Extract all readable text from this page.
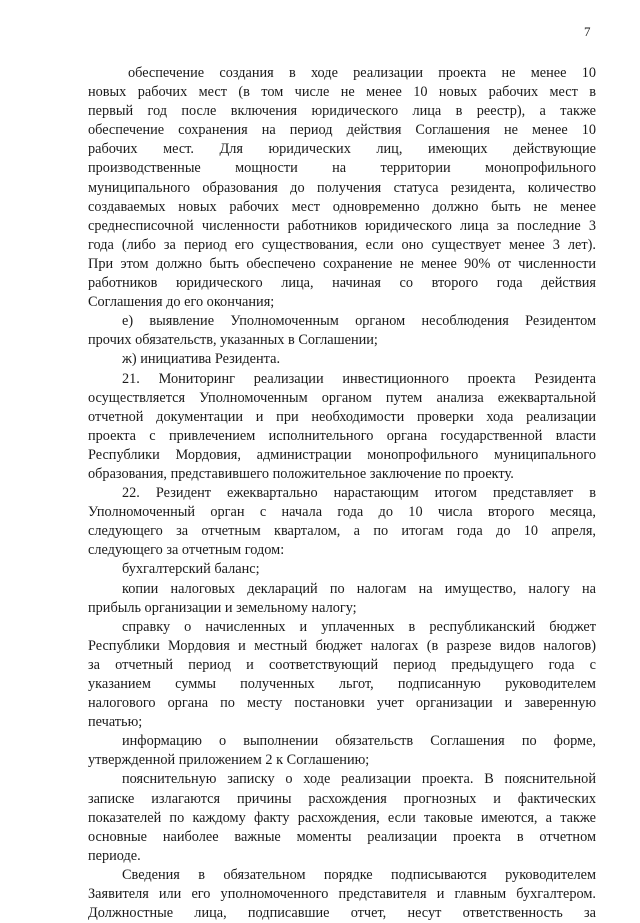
7
обеспечение создания в ходе реализации проекта не менее 10
новых рабочих мест (в том числе не менее 10 новых рабочих мест в
первый год после включения юридического лица в реестр), а также
обеспечение сохранения на период действия Соглашения не менее 10
рабочих мест. Для юридических лиц, имеющих действующие
производственные мощности на территории монопрофильного
муниципального образования до получения статуса резидента, количество
создаваемых новых рабочих мест одновременно должно быть не менее
среднесписочной численности работников юридического лица за последние 3
года (либо за период его существования, если оно существует менее 3 лет).
При этом должно быть обеспечено сохранение не менее 90% от численности
работников юридического лица, начиная со второго года действия
Соглашения до его окончания;
е) выявление Уполномоченным органом несоблюдения Резидентом
прочих обязательств, указанных в Соглашении;
ж) инициатива Резидента.
21. Мониторинг реализации инвестиционного проекта Резидента
осуществляется Уполномоченным органом путем анализа ежеквартальной
отчетной документации и при необходимости проверки хода реализации
проекта с привлечением исполнительного органа государственной власти
Республики Мордовия, администрации монопрофильного муниципального
образования, представившего положительное заключение по проекту.
22. Резидент ежеквартально нарастающим итогом представляет в
Уполномоченный орган с начала года до 10 числа второго месяца,
следующего за отчетным кварталом, а по итогам года до 10 апреля,
следующего за отчетным годом:
бухгалтерский баланс;
копии налоговых деклараций по налогам на имущество, налогу на
прибыль организации и земельному налогу;
справку о начисленных и уплаченных в республиканский бюджет
Республики Мордовия и местный бюджет налогах (в разрезе видов налогов)
за отчетный период и соответствующий период предыдущего года с
указанием суммы полученных льгот, подписанную руководителем
налогового органа по месту постановки учет организации и заверенную
печатью;
информацию о выполнении обязательств Соглашения по форме,
утвержденной приложением 2 к Соглашению;
пояснительную записку о ходе реализации проекта. В пояснительной
записке излагаются причины расхождения прогнозных и фактических
показателей по каждому факту расхождения, если таковые имеются, а также
основные наиболее важные моменты реализации проекта в отчетном
периоде.
Сведения в обязательном порядке подписываются руководителем
Заявителя или его уполномоченного представителя и главным бухгалтером.
Должностные лица, подписавшие отчет, несут ответственность за
